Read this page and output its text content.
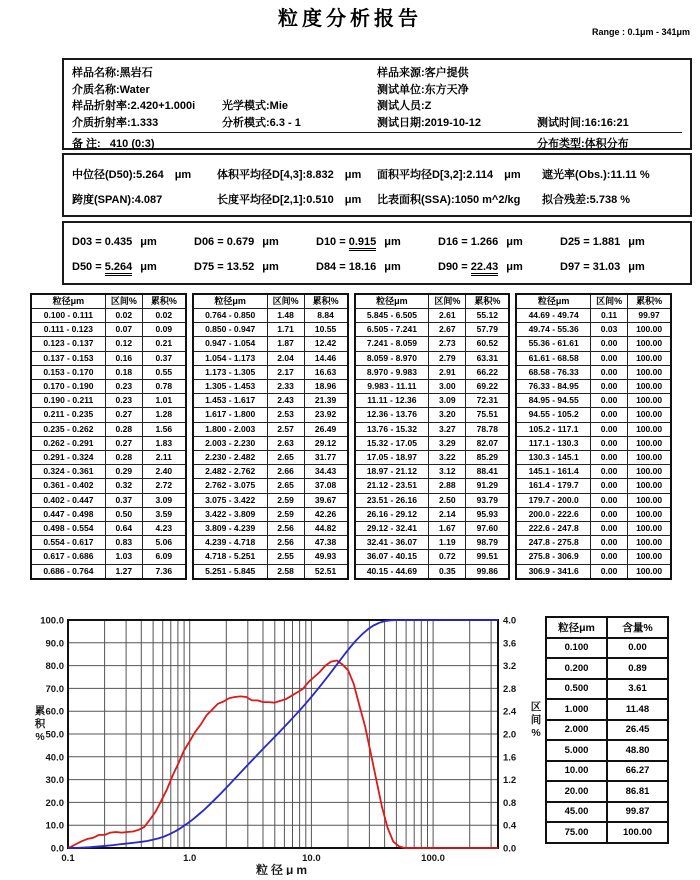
粒度分析报告
Range : 0.1μm - 341μm
样品名称:黑岩石	样品来源:客户提供
介质名称:Water	测试单位:东方天净
样品折射率:2.420+1.000i	光学模式:Mie	测试人员:Z
介质折射率:1.333	分析模式:6.3 - 1	测试日期:2019-10-12	测试时间:16:16:21
备 注: 410 (0:3)	分布类型:体积分布
中位径(D50):5.264 μm	体积平均径D[4,3]:8.832 μm	面积平均径D[3,2]:2.114 μm	遮光率(Obs.):11.11 %
跨度(SPAN):4.087	长度平均径D[2,1]:0.510 μm	比表面积(SSA):1050 m^2/kg	拟合残差:5.738 %
D03 = 0.435 μm	D06 = 0.679 μm	D10 = 0.915 μm	D16 = 1.266 μm	D25 = 1.881 μm
D50 = 5.264 μm	D75 = 13.52 μm	D84 = 18.16 μm	D90 = 22.43 μm	D97 = 31.03 μm
粒径μm	区间%	累积%
0.100 - 0.111	0.02	0.02
0.111 - 0.123	0.07	0.09
0.123 - 0.137	0.12	0.21
0.137 - 0.153	0.16	0.37
0.153 - 0.170	0.18	0.55
0.170 - 0.190	0.23	0.78
0.190 - 0.211	0.23	1.01
0.211 - 0.235	0.27	1.28
0.235 - 0.262	0.28	1.56
0.262 - 0.291	0.27	1.83
0.291 - 0.324	0.28	2.11
0.324 - 0.361	0.29	2.40
0.361 - 0.402	0.32	2.72
0.402 - 0.447	0.37	3.09
0.447 - 0.498	0.50	3.59
0.498 - 0.554	0.64	4.23
0.554 - 0.617	0.83	5.06
0.617 - 0.686	1.03	6.09
0.686 - 0.764	1.27	7.36
粒径μm	区间%	累积%
0.764 - 0.850	1.48	8.84
0.850 - 0.947	1.71	10.55
0.947 - 1.054	1.87	12.42
1.054 - 1.173	2.04	14.46
1.173 - 1.305	2.17	16.63
1.305 - 1.453	2.33	18.96
1.453 - 1.617	2.43	21.39
1.617 - 1.800	2.53	23.92
1.800 - 2.003	2.57	26.49
2.003 - 2.230	2.63	29.12
2.230 - 2.482	2.65	31.77
2.482 - 2.762	2.66	34.43
2.762 - 3.075	2.65	37.08
3.075 - 3.422	2.59	39.67
3.422 - 3.809	2.59	42.26
3.809 - 4.239	2.56	44.82
4.239 - 4.718	2.56	47.38
4.718 - 5.251	2.55	49.93
5.251 - 5.845	2.58	52.51
粒径μm	区间%	累积%
5.845 - 6.505	2.61	55.12
6.505 - 7.241	2.67	57.79
7.241 - 8.059	2.73	60.52
8.059 - 8.970	2.79	63.31
8.970 - 9.983	2.91	66.22
9.983 - 11.11	3.00	69.22
11.11 - 12.36	3.09	72.31
12.36 - 13.76	3.20	75.51
13.76 - 15.32	3.27	78.78
15.32 - 17.05	3.29	82.07
17.05 - 18.97	3.22	85.29
18.97 - 21.12	3.12	88.41
21.12 - 23.51	2.88	91.29
23.51 - 26.16	2.50	93.79
26.16 - 29.12	2.14	95.93
29.12 - 32.41	1.67	97.60
32.41 - 36.07	1.19	98.79
36.07 - 40.15	0.72	99.51
40.15 - 44.69	0.35	99.86
粒径μm	区间%	累积%
44.69 - 49.74	0.11	99.97
49.74 - 55.36	0.03	100.00
55.36 - 61.61	0.00	100.00
61.61 - 68.58	0.00	100.00
68.58 - 76.33	0.00	100.00
76.33 - 84.95	0.00	100.00
84.95 - 94.55	0.00	100.00
94.55 - 105.2	0.00	100.00
105.2 - 117.1	0.00	100.00
117.1 - 130.3	0.00	100.00
130.3 - 145.1	0.00	100.00
145.1 - 161.4	0.00	100.00
161.4 - 179.7	0.00	100.00
179.7 - 200.0	0.00	100.00
200.0 - 222.6	0.00	100.00
222.6 - 247.8	0.00	100.00
247.8 - 275.8	0.00	100.00
275.8 - 306.9	0.00	100.00
306.9 - 341.6	0.00	100.00
100.0
90.0
80.0
70.0
60.0
50.0
40.0
30.0
20.0
10.0
0.0
4.0
3.6
3.2
2.8
2.4
2.0
1.6
1.2
0.8
0.4
0.0
0.1	1.0	10.0	100.0
粒径μm
累
积
%
区
间
%
粒径μm	含量%
0.100	0.00
0.200	0.89
0.500	3.61
1.000	11.48
2.000	26.45
5.000	48.80
10.00	66.27
20.00	86.81
45.00	99.87
75.00	100.00
